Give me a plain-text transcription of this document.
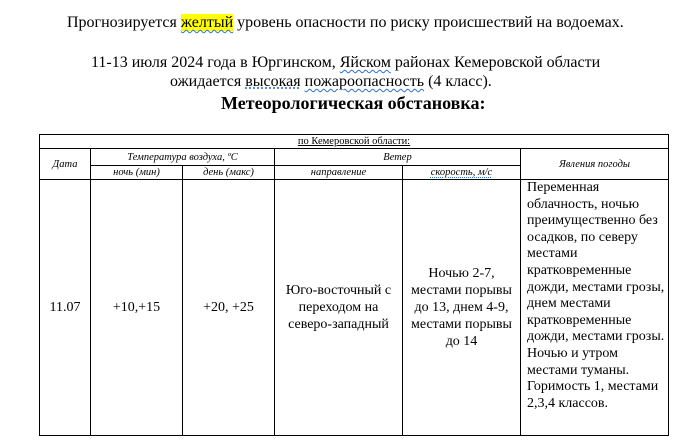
Прогнозируется желтый уровень опасности по риску происшествий на водоемах.
11-13 июля 2024 года в Юргинском, Яйском районах Кемеровской области
ожидается высокая пожароопасность (4 класс).
Метеорологическая обстановка:
по Кемеровской области:					
Дата	Температура воздуха, ºС		Ветер		Явления погоды
	ночь (мин)	день (макс)	направление	скорость, м/с	
11.07	+10,+15	+20, +25	Юго-восточный с переходом на северо-западный	Ночью 2-7, местами порывы до 13, днем 4-9, местами порывы до 14	Переменная облачность, ночью преимущественно без осадков, по северу местами кратковременные дожди, местами грозы, днем местами кратковременные дожди, местами грозы. Ночью и утром местами туманы. Горимость 1, местами 2,3,4 классов.
